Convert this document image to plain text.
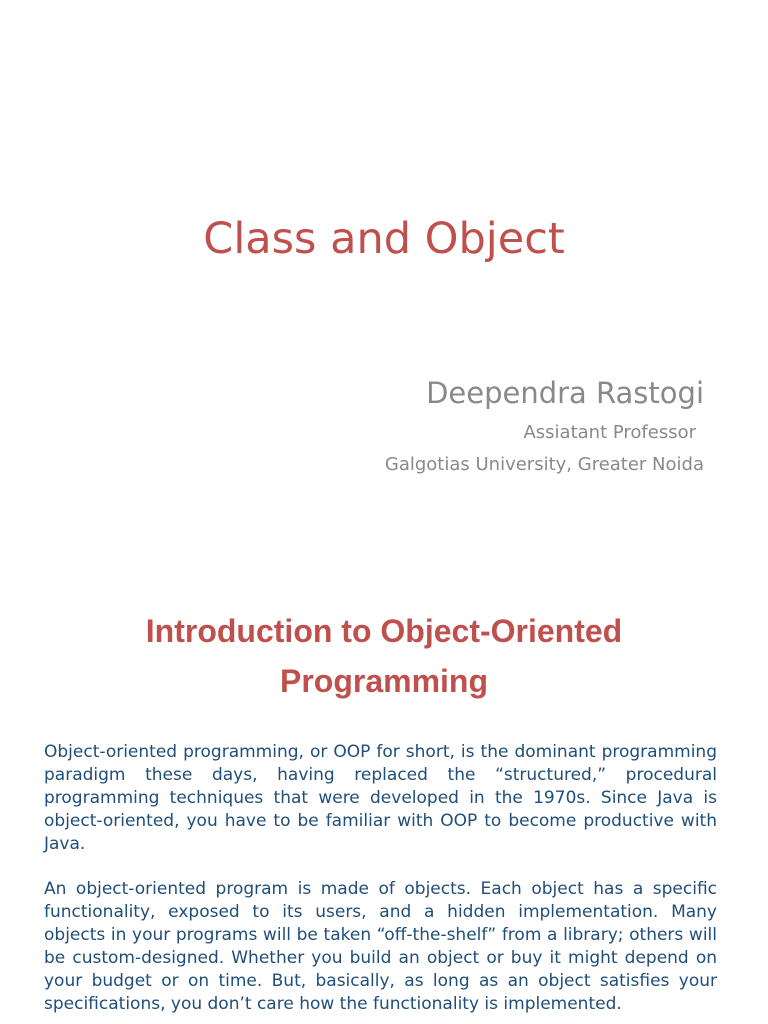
Class and Object
Deependra Rastogi
Assiatant Professor
Galgotias University, Greater Noida
Introduction to Object-Oriented
Programming

Object-oriented programming, or OOP for short, is the dominant programming paradigm these days, having replaced the “structured,” procedural programming techniques that were developed in the 1970s. Since Java is object-oriented, you have to be familiar with OOP to become productive with Java.

An object-oriented program is made of objects. Each object has a specific functionality, exposed to its users, and a hidden implementation. Many objects in your programs will be taken “off-the-shelf” from a library; others will be custom-designed. Whether you build an object or buy it might depend on your budget or on time. But, basically, as long as an object satisfies your specifications, you don’t care how the functionality is implemented.
